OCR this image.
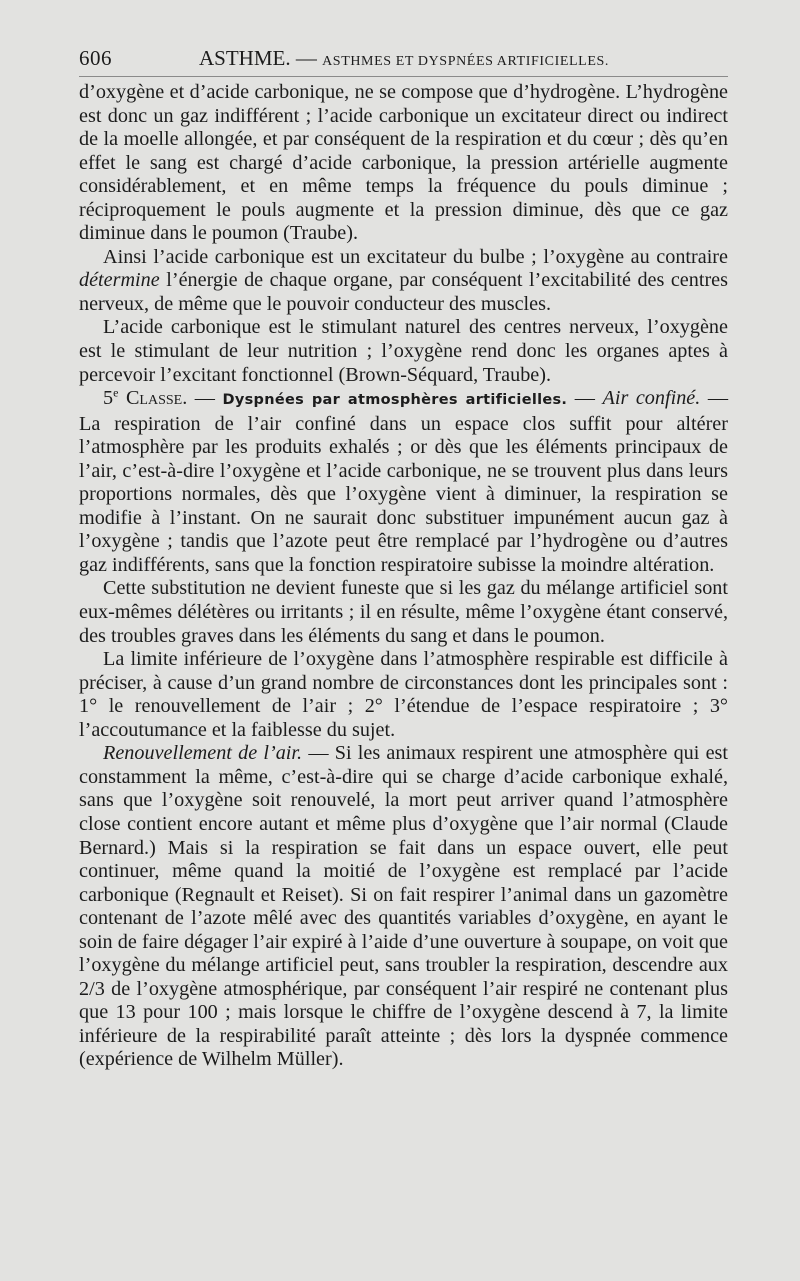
606	ASTHME. — ASTHMES ET DYSPNÉES ARTIFICIELLES.

d’oxygène et d’acide carbonique, ne se compose que d’hydrogène. L’hydrogène est donc un gaz indifférent ; l’acide carbonique un excitateur direct ou indirect de la moelle allongée, et par conséquent de la respiration et du cœur ; dès qu’en effet le sang est chargé d’acide carbonique, la pression artérielle augmente considérablement, et en même temps la fréquence du pouls diminue ; réciproquement le pouls augmente et la pression diminue, dès que ce gaz diminue dans le poumon (Traube).

Ainsi l’acide carbonique est un excitateur du bulbe ; l’oxygène au contraire détermine l’énergie de chaque organe, par conséquent l’excitabilité des centres nerveux, de même que le pouvoir conducteur des muscles.

L’acide carbonique est le stimulant naturel des centres nerveux, l’oxygène est le stimulant de leur nutrition ; l’oxygène rend donc les organes aptes à percevoir l’excitant fonctionnel (Brown-Séquard, Traube).

5e Classe. — Dyspnées par atmosphères artificielles. — Air confiné. — La respiration de l’air confiné dans un espace clos suffit pour altérer l’atmosphère par les produits exhalés ; or dès que les éléments principaux de l’air, c’est-à-dire l’oxygène et l’acide carbonique, ne se trouvent plus dans leurs proportions normales, dès que l’oxygène vient à diminuer, la respiration se modifie à l’instant. On ne saurait donc substituer impunément aucun gaz à l’oxygène ; tandis que l’azote peut être remplacé par l’hydrogène ou d’autres gaz indifférents, sans que la fonction respiratoire subisse la moindre altération.

Cette substitution ne devient funeste que si les gaz du mélange artificiel sont eux-mêmes délétères ou irritants ; il en résulte, même l’oxygène étant conservé, des troubles graves dans les éléments du sang et dans le poumon.

La limite inférieure de l’oxygène dans l’atmosphère respirable est difficile à préciser, à cause d’un grand nombre de circonstances dont les principales sont : 1° le renouvellement de l’air ; 2° l’étendue de l’espace respiratoire ; 3° l’accoutumance et la faiblesse du sujet.

Renouvellement de l’air. — Si les animaux respirent une atmosphère qui est constamment la même, c’est-à-dire qui se charge d’acide carbonique exhalé, sans que l’oxygène soit renouvelé, la mort peut arriver quand l’atmosphère close contient encore autant et même plus d’oxygène que l’air normal (Claude Bernard.) Mais si la respiration se fait dans un espace ouvert, elle peut continuer, même quand la moitié de l’oxygène est remplacé par l’acide carbonique (Regnault et Reiset). Si on fait respirer l’animal dans un gazomètre contenant de l’azote mêlé avec des quantités variables d’oxygène, en ayant le soin de faire dégager l’air expiré à l’aide d’une ouverture à soupape, on voit que l’oxygène du mélange artificiel peut, sans troubler la respiration, descendre aux 2/3 de l’oxygène atmosphérique, par conséquent l’air respiré ne contenant plus que 13 pour 100 ; mais lorsque le chiffre de l’oxygène descend à 7, la limite inférieure de la respirabilité paraît atteinte ; dès lors la dyspnée commence (expérience de Wilhelm Müller).
